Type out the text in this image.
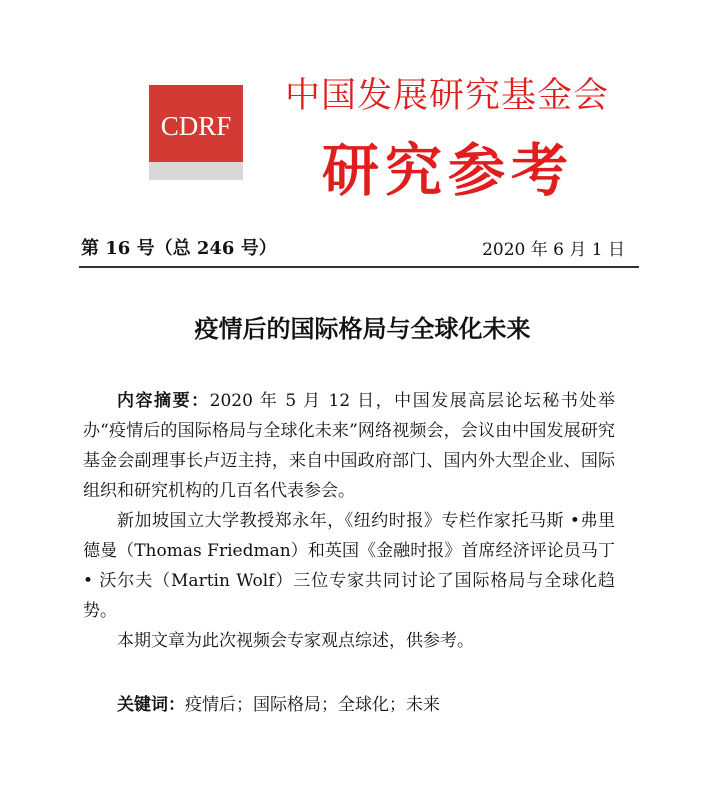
CDRF
中国发展研究基金会
研究参考
第 16 号（总 246 号）	2020 年 6 月 1 日
疫情后的国际格局与全球化未来

内容摘要：2020 年 5 月 12 日，中国发展高层论坛秘书处举办“疫情后的国际格局与全球化未来”网络视频会，会议由中国发展研究基金会副理事长卢迈主持，来自中国政府部门、国内外大型企业、国际组织和研究机构的几百名代表参会。

新加坡国立大学教授郑永年，《纽约时报》专栏作家托马斯 •弗里德曼（Thomas Friedman）和英国《金融时报》首席经济评论员马丁 • 沃尔夫（Martin Wolf）三位专家共同讨论了国际格局与全球化趋势。

本期文章为此次视频会专家观点综述，供参考。

关键词：疫情后；国际格局；全球化；未来
